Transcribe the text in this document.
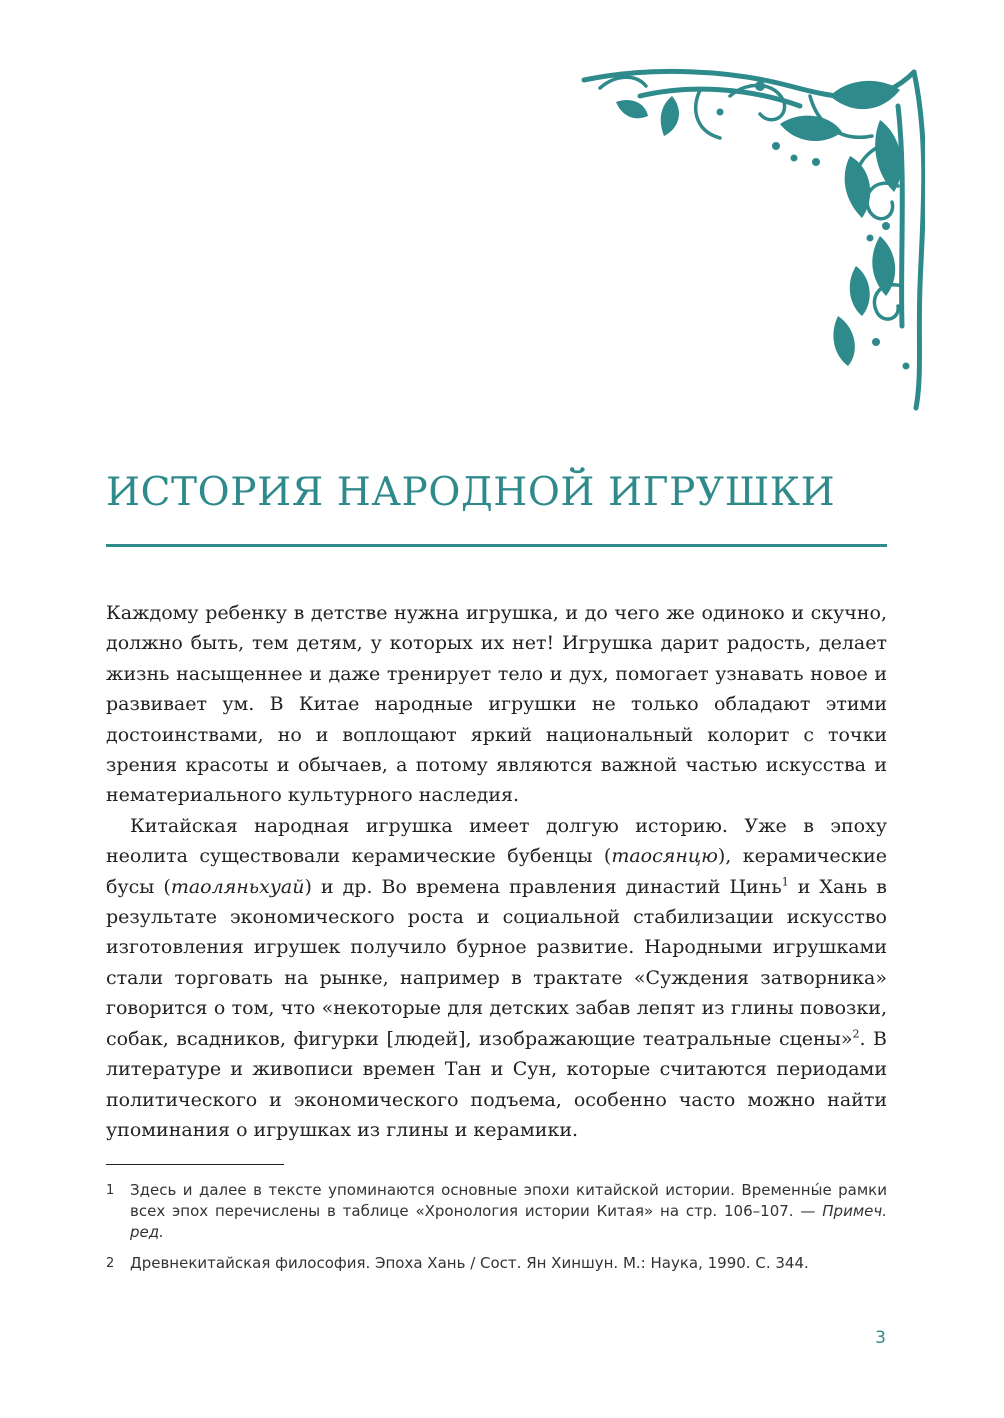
ИСТОРИЯ НАРОДНОЙ ИГРУШКИ

Каждому ребенку в детстве нужна игрушка, и до чего же одиноко и скучно, должно быть, тем детям, у которых их нет! Игрушка дарит радость, делает жизнь насыщеннее и даже тренирует тело и дух, помогает узнавать новое и развивает ум. В Китае народные игрушки не только обладают этими достоинствами, но и воплощают яркий национальный колорит с точки зрения красоты и обычаев, а потому являются важной частью искусства и нематериального культурного наследия.

Китайская народная игрушка имеет долгую историю. Уже в эпоху неолита существовали керамические бубенцы (таосянцю), керамические бусы (таоляньхуай) и др. Во времена правления династий Цинь$^1$ и Хань в результате экономического роста и социальной стабилизации искусство изготовления игрушек получило бурное развитие. Народными игрушками стали торговать на рынке, например в трактате «Суждения затворника» говорится о том, что «некоторые для детских забав лепят из глины повозки, собак, всадников, фигурки [людей], изображающие театральные сцены»$^2$. В литературе и живописи времен Тан и Сун, которые считаются периодами политического и экономического подъема, особенно часто можно найти упоминания о игрушках из глины и керамики.

1 Здесь и далее в тексте упоминаются основные эпохи китайской истории. Временны́е рамки всех эпох перечислены в таблице «Хронология истории Китая» на стр. 106–107. — Примеч. ред.
2 Древнекитайская философия. Эпоха Хань / Сост. Ян Хиншун. М.: Наука, 1990. С. 344.
3
